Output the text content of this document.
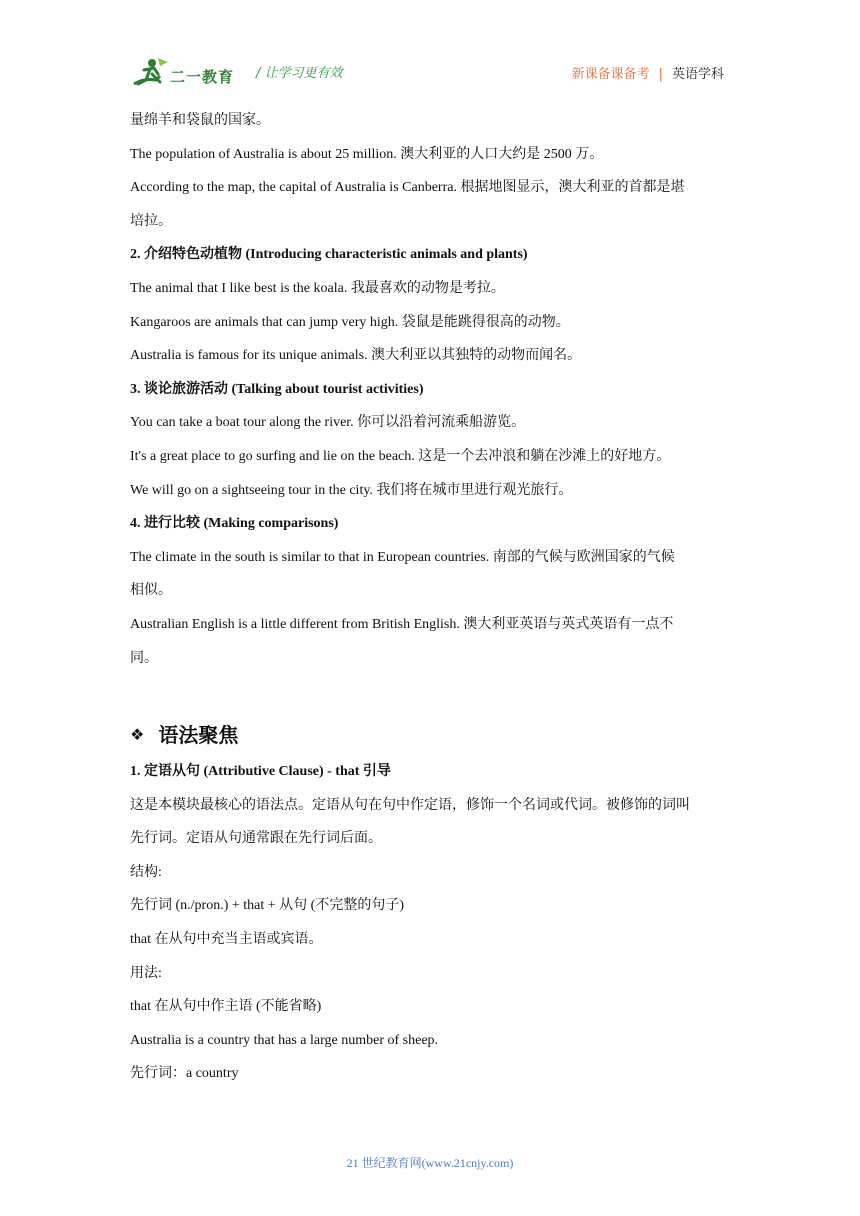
二一教育 / 让学习更有效	新课备课备考 | 英语学科
量绵羊和袋鼠的国家。
The population of Australia is about 25 million. 澳大利亚的人口大约是 2500 万。
According to the map, the capital of Australia is Canberra. 根据地图显示，澳大利亚的首都是堪
培拉。
2. 介绍特色动植物 (Introducing characteristic animals and plants)
The animal that I like best is the koala. 我最喜欢的动物是考拉。
Kangaroos are animals that can jump very high. 袋鼠是能跳得很高的动物。
Australia is famous for its unique animals. 澳大利亚以其独特的动物而闻名。
3. 谈论旅游活动 (Talking about tourist activities)
You can take a boat tour along the river. 你可以沿着河流乘船游览。
It's a great place to go surfing and lie on the beach. 这是一个去冲浪和躺在沙滩上的好地方。
We will go on a sightseeing tour in the city. 我们将在城市里进行观光旅行。
4. 进行比较 (Making comparisons)
The climate in the south is similar to that in European countries. 南部的气候与欧洲国家的气候
相似。
Australian English is a little different from British English. 澳大利亚英语与英式英语有一点不
同。
❖ 语法聚焦
1. 定语从句 (Attributive Clause) - that 引导
这是本模块最核心的语法点。定语从句在句中作定语，修饰一个名词或代词。被修饰的词叫
先行词。定语从句通常跟在先行词后面。
结构:
先行词 (n./pron.) + that + 从句 (不完整的句子)
that 在从句中充当主语或宾语。
用法:
that 在从句中作主语 (不能省略)
Australia is a country that has a large number of sheep.
先行词：a country
21 世纪教育网(www.21cnjy.com)
